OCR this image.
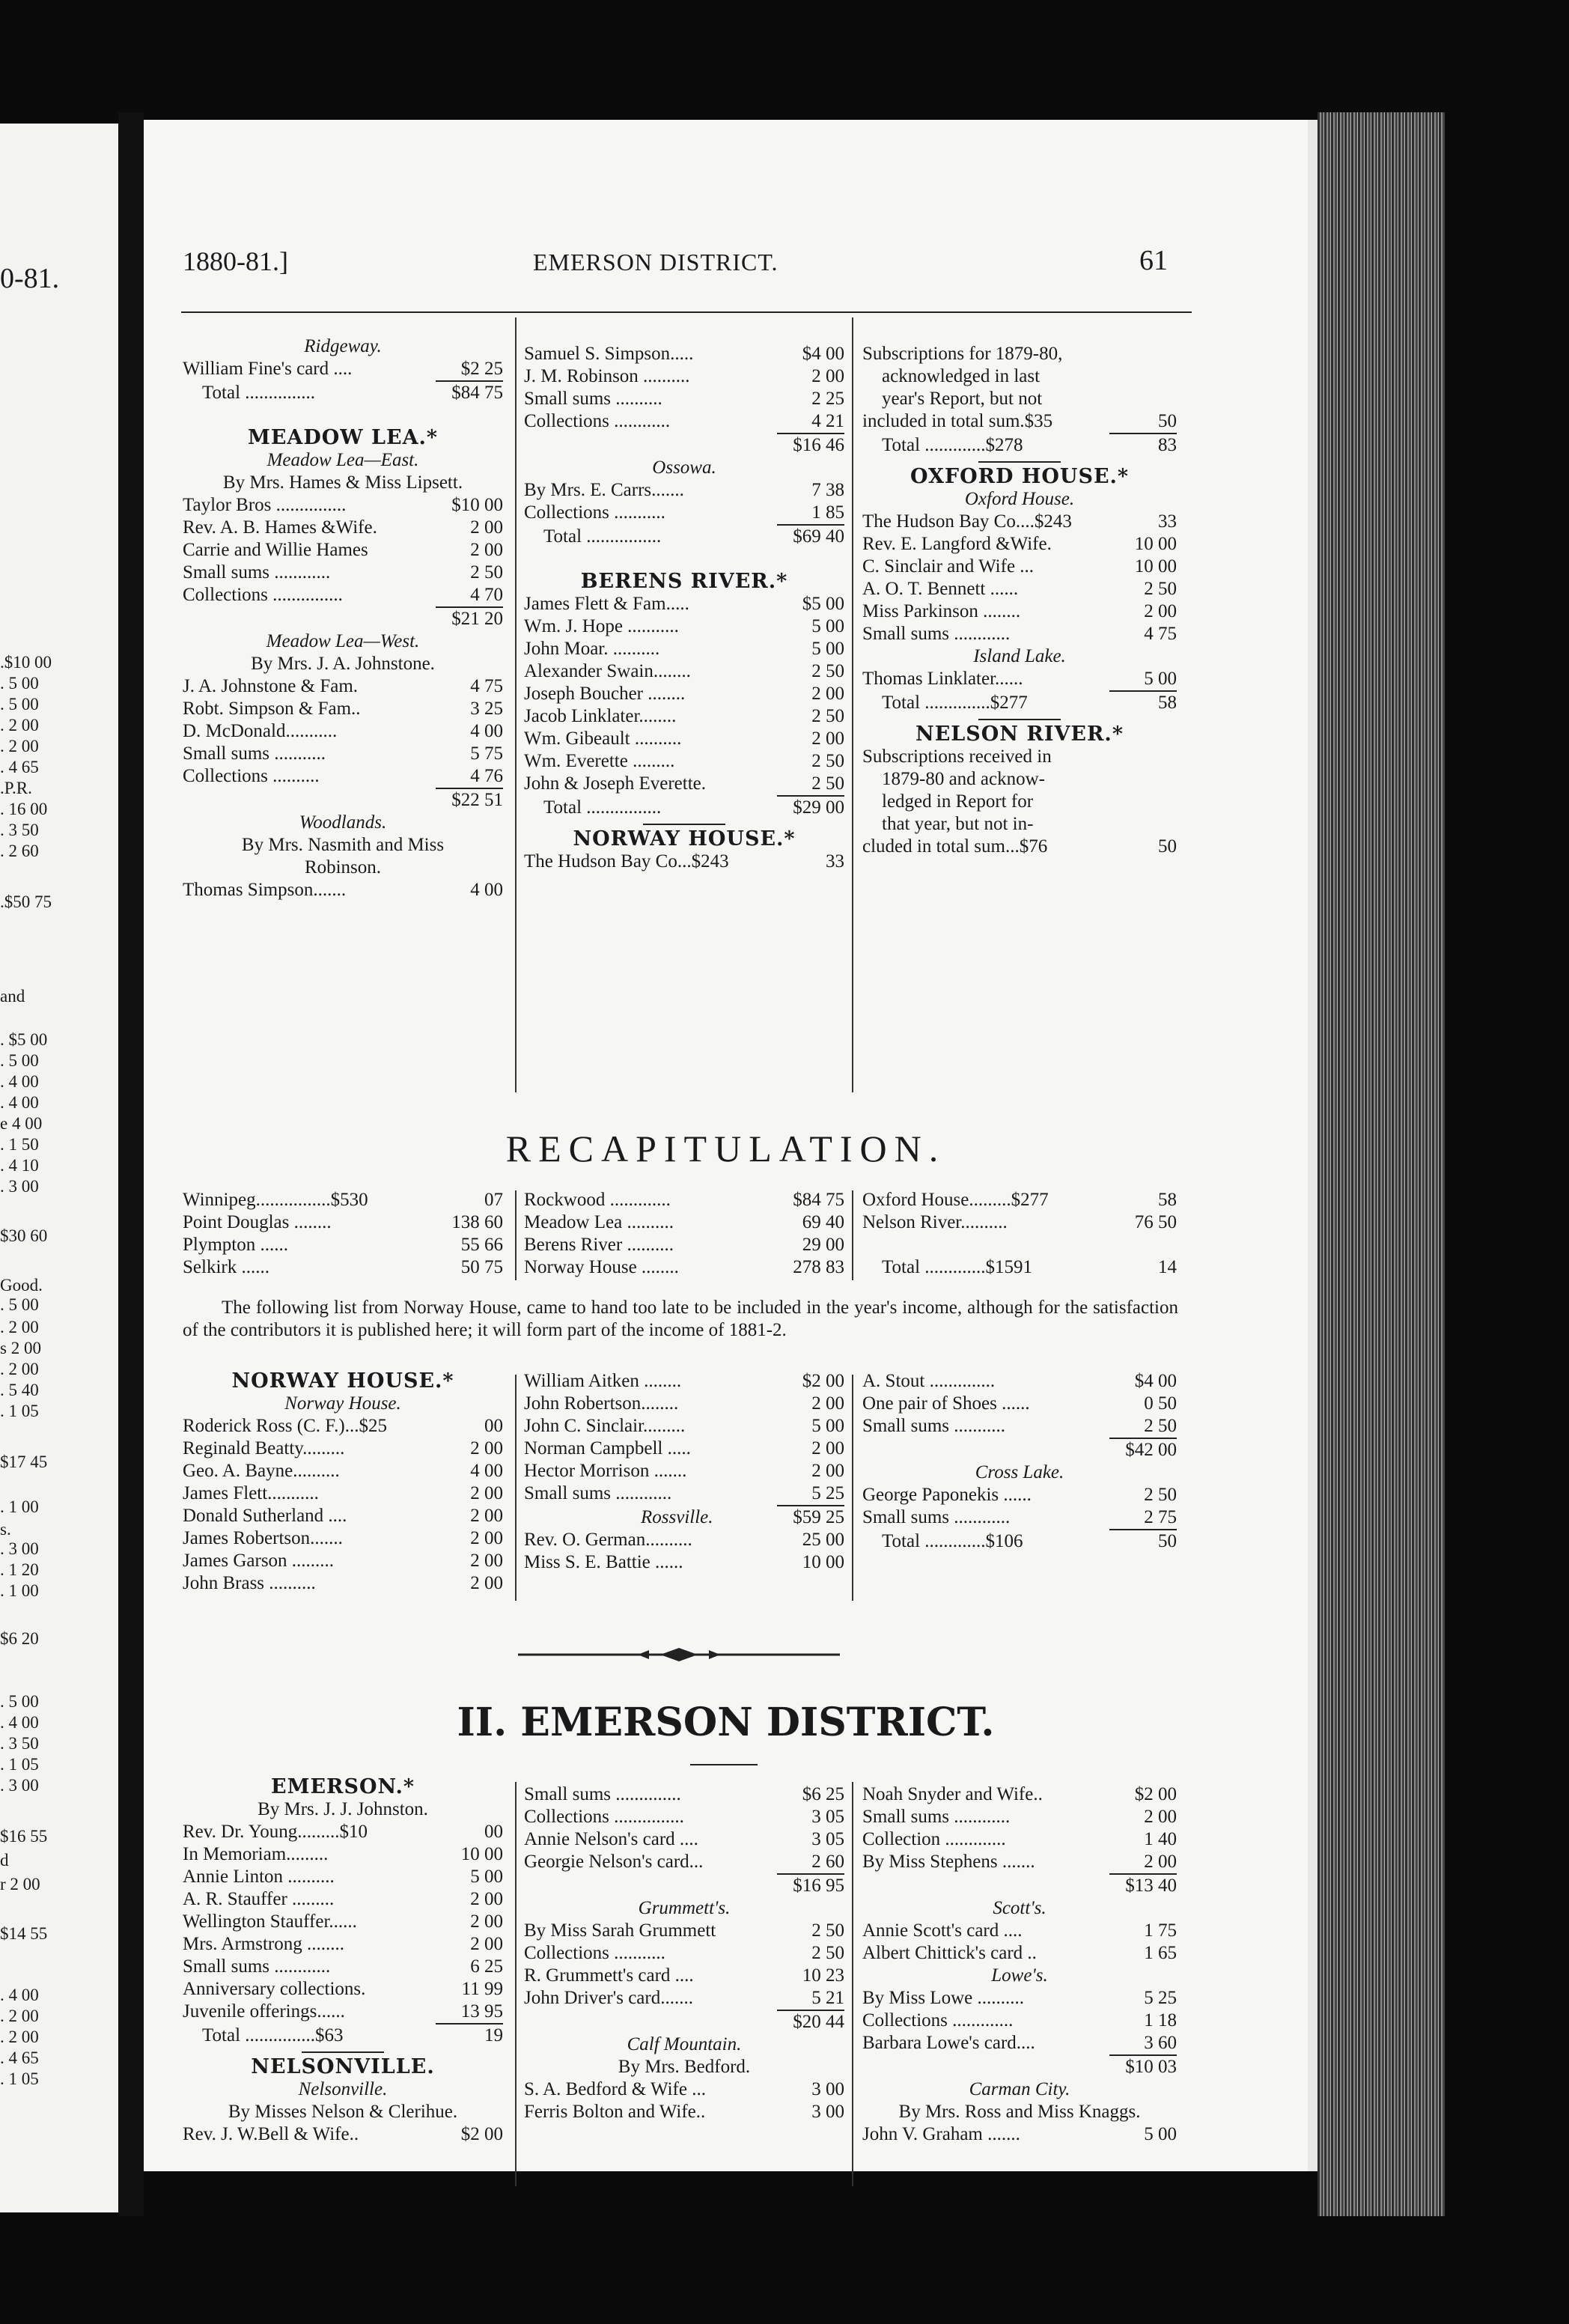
0-81.
.$10 00
. 5 00
. 5 00
. 2 00
. 2 00
. 4 65
.P.R.
. 16 00
. 3 50
. 2 60
.$50 75
and
. $5 00
. 5 00
. 4 00
. 4 00
e 4 00
. 1 50
. 4 10
. 3 00
$30 60
Good.
. 5 00
. 2 00
s 2 00
. 2 00
. 5 40
. 1 05
$17 45
. 1 00
s.
. 3 00
. 1 20
. 1 00
$6 20
. 5 00
. 4 00
. 3 50
. 1 05
. 3 00
$16 55
d
r 2 00
$14 55
. 4 00
. 2 00
. 2 00
. 4 65
. 1 05
1880-81.]	EMERSON DISTRICT.	61
Ridgeway.
William Fine's card ....	$2 25
Total ...............	$84 75
MEADOW LEA.*
Meadow Lea—East.
By Mrs. Hames & Miss Lipsett.
Taylor Bros ...............	$10 00
Rev. A. B. Hames &Wife.	2 00
Carrie and Willie Hames	2 00
Small sums ............	2 50
Collections ...............	4 70
$21 20
Meadow Lea—West.
By Mrs. J. A. Johnstone.
J. A. Johnstone & Fam.	4 75
Robt. Simpson & Fam..	3 25
D. McDonald...........	4 00
Small sums ...........	5 75
Collections ..........	4 76
$22 51
Woodlands.
By Mrs. Nasmith and Miss
Robinson.
Thomas Simpson.......	4 00
Samuel S. Simpson.....	$4 00
J. M. Robinson ..........	2 00
Small sums ..........	2 25
Collections ............	4 21
$16 46
Ossowa.
By Mrs. E. Carrs.......	7 38
Collections ...........	1 85
Total ................	$69 40
BERENS RIVER.*
James Flett & Fam.....	$5 00
Wm. J. Hope ...........	5 00
John Moar. ..........	5 00
Alexander Swain........	2 50
Joseph Boucher ........	2 00
Jacob Linklater........	2 50
Wm. Gibeault ..........	2 00
Wm. Everette .........	2 50
John & Joseph Everette.	2 50
Total ................	$29 00
NORWAY HOUSE.*
The Hudson Bay Co...$243	33
Subscriptions for 1879-80,
acknowledged in last
year's Report, but not
included in total sum.$35	50
Total .............$278	83
OXFORD HOUSE.*
Oxford House.
The Hudson Bay Co....$243	33
Rev. E. Langford &Wife.	10 00
C. Sinclair and Wife ...	10 00
A. O. T. Bennett ......	2 50
Miss Parkinson ........	2 00
Small sums ............	4 75
Island Lake.
Thomas Linklater......	5 00
Total ..............$277	58
NELSON RIVER.*
Subscriptions received in
1879-80 and acknow-
ledged in Report for
that year, but not in-
cluded in total sum...$76	50
RECAPITULATION.
Winnipeg................$530	07
Point Douglas ........	138 60
Plympton ......	55 66
Selkirk ......	50 75
Rockwood .............	$84 75
Meadow Lea ..........	69 40
Berens River ..........	29 00
Norway House ........	278 83
Oxford House.........$277	58
Nelson River..........	76 50
Total .............$1591	14
The following list from Norway House, came to hand too late to be included in the year's income, although for the satisfaction of the contributors it is published here; it will form part of the income of 1881-2.
NORWAY HOUSE.*
Norway House.
Roderick Ross (C. F.)...$25	00
Reginald Beatty.........	2 00
Geo. A. Bayne..........	4 00
James Flett...........	2 00
Donald Sutherland ....	2 00
James Robertson.......	2 00
James Garson .........	2 00
John Brass ..........	2 00
William Aitken ........	$2 00
John Robertson........	2 00
John C. Sinclair.........	5 00
Norman Campbell .....	2 00
Hector Morrison .......	2 00
Small sums ............	5 25
Rossville.	$59 25
Rev. O. German..........	25 00
Miss S. E. Battie ......	10 00
A. Stout ..............	$4 00
One pair of Shoes ......	0 50
Small sums ...........	2 50
$42 00
Cross Lake.
George Paponekis ......	2 50
Small sums ............	2 75
Total .............$106	50
II. EMERSON DISTRICT.
EMERSON.*
By Mrs. J. J. Johnston.
Rev. Dr. Young.........$10	00
In Memoriam.........	10 00
Annie Linton ..........	5 00
A. R. Stauffer .........	2 00
Wellington Stauffer......	2 00
Mrs. Armstrong ........	2 00
Small sums ............	6 25
Anniversary collections.	11 99
Juvenile offerings......	13 95
Total ...............$63	19
NELSONVILLE.
Nelsonville.
By Misses Nelson & Clerihue.
Rev. J. W.Bell & Wife..	$2 00
Small sums ..............	$6 25
Collections ...............	3 05
Annie Nelson's card ....	3 05
Georgie Nelson's card...	2 60
$16 95
Grummett's.
By Miss Sarah Grummett	2 50
Collections ...........	2 50
R. Grummett's card ....	10 23
John Driver's card.......	5 21
$20 44
Calf Mountain.
By Mrs. Bedford.
S. A. Bedford & Wife ...	3 00
Ferris Bolton and Wife..	3 00
Noah Snyder and Wife..	$2 00
Small sums ............	2 00
Collection .............	1 40
By Miss Stephens .......	2 00
$13 40
Scott's.
Annie Scott's card ....	1 75
Albert Chittick's card ..	1 65
Lowe's.
By Miss Lowe ..........	5 25
Collections .............	1 18
Barbara Lowe's card....	3 60
$10 03
Carman City.
By Mrs. Ross and Miss Knaggs.
John V. Graham .......	5 00
